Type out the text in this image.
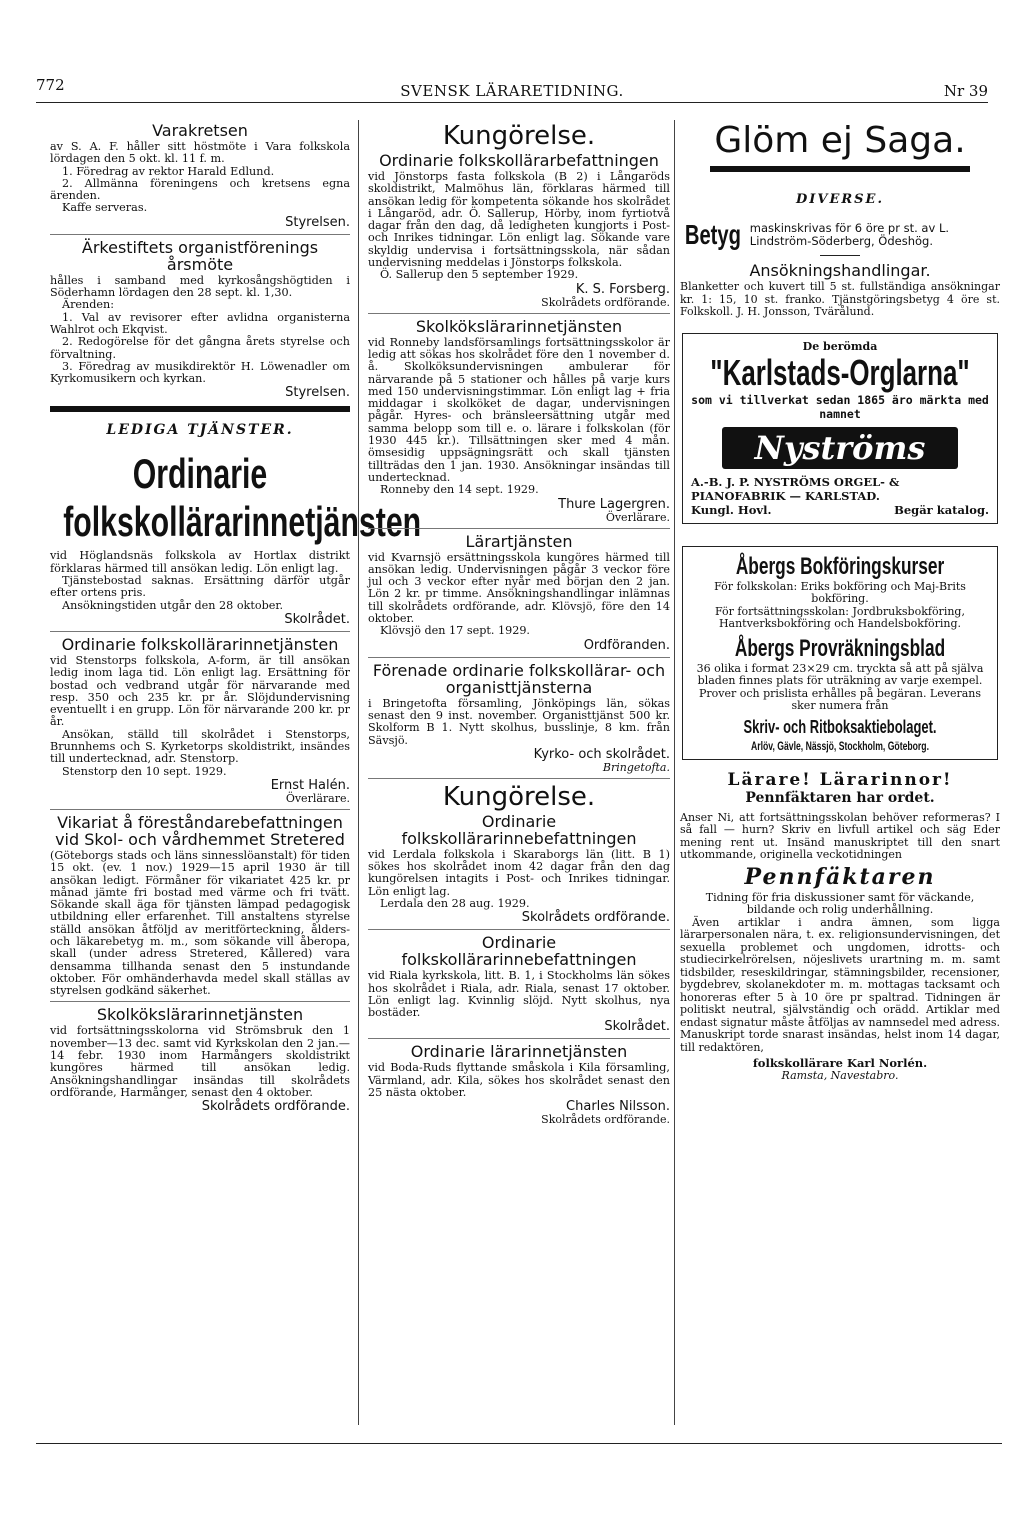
772	SVENSK LÄRARETIDNING.	Nr 39
Varakretsen

av S. A. F. håller sitt höstmöte i Vara folkskola lördagen den 5 okt. kl. 11 f. m.

1. Föredrag av rektor Harald Edlund.

2. Allmänna föreningens och kretsens egna ärenden.

Kaffe serveras.

Styrelsen.
Ärkestiftets organistförenings årsmöte

hålles i samband med kyrkosångshögtiden i Söderhamn lördagen den 28 sept. kl. 1,30.

Ärenden:

1. Val av revisorer efter avlidna organisterna Wahlrot och Ekqvist.

2. Redogörelse för det gångna årets styrelse och förvaltning.

3. Föredrag av musikdirektör H. Löwenadler om Kyrkomusikern och kyrkan.

Styrelsen.
LEDIGA TJÄNSTER.
Ordinarie folkskollärarinnetjänsten

vid Höglandsnäs folkskola av Hortlax distrikt förklaras härmed till ansökan ledig. Lön enligt lag.

Tjänstebostad saknas. Ersättning därför utgår efter ortens pris.

Ansökningstiden utgår den 28 oktober.

Skolrådet.
Ordinarie folkskollärarinnetjänsten

vid Stenstorps folkskola, A-form, är till ansökan ledig inom laga tid. Lön enligt lag. Ersättning för bostad och vedbrand utgår för närvarande med resp. 350 och 235 kr. pr år. Slöjdundervisning eventuellt i en grupp. Lön för närvarande 200 kr. pr år.

Ansökan, ställd till skolrådet i Stenstorps, Brunnhems och S. Kyrketorps skoldistrikt, insändes till undertecknad, adr. Stenstorp.

Stenstorp den 10 sept. 1929.

Ernst Halén.
Överlärare.
Vikariat å föreståndarebefattningen vid Skol- och vårdhemmet Stretered

(Göteborgs stads och läns sinnesslöanstalt) för tiden 15 okt. (ev. 1 nov.) 1929—15 april 1930 är till ansökan ledigt. Förmåner för vikariatet 425 kr. pr månad jämte fri bostad med värme och fri tvätt. Sökande skall äga för tjänsten lämpad pedagogisk utbildning eller erfarenhet. Till anstaltens styrelse ställd ansökan åtföljd av meritförteckning, ålders- och läkarebetyg m. m., som sökande vill åberopa, skall (under adress Stretered, Kållered) vara densamma tillhanda senast den 5 instundande oktober. För omhänderhavda medel skall ställas av styrelsen godkänd säkerhet.

Skolkökslärarinnetjänsten

vid fortsättningsskolorna vid Strömsbruk den 1 november—13 dec. samt vid Kyrkskolan den 2 jan.—14 febr. 1930 inom Harmångers skoldistrikt kungöres härmed till ansökan ledig. Ansökningshandlingar insändas till skolrådets ordförande, Harmånger, senast den 4 oktober.

Skolrådets ordförande.
Kungörelse.
Ordinarie folkskollärarbefattningen

vid Jönstorps fasta folkskola (B 2) i Långaröds skoldistrikt, Malmöhus län, förklaras härmed till ansökan ledig för kompetenta sökande hos skolrådet i Långaröd, adr. Ö. Sallerup, Hörby, inom fyrtiotvå dagar från den dag, då ledigheten kungjorts i Post- och Inrikes tidningar. Lön enligt lag. Sökande vare skyldig undervisa i fortsättningsskola, när sådan undervisning meddelas i Jönstorps folkskola.

Ö. Sallerup den 5 september 1929.

K. S. Forsberg.
Skolrådets ordförande.
Skolkökslärarinnetjänsten

vid Ronneby landsförsamlings fortsättningsskolor är ledig att sökas hos skolrådet före den 1 november d. å. Skolköksundervisningen ambulerar för närvarande på 5 stationer och hålles på varje kurs med 150 undervisningstimmar. Lön enligt lag + fria middagar i skolköket de dagar, undervisningen pågår. Hyres- och bränsleersättning utgår med samma belopp som till e. o. lärare i folkskolan (för 1930 445 kr.). Tillsättningen sker med 4 mån. ömsesidig uppsägningsrätt och skall tjänsten tillträdas den 1 jan. 1930. Ansökningar insändas till undertecknad.

Ronneby den 14 sept. 1929.

Thure Lagergren.
Överlärare.
Lärartjänsten

vid Kvarnsjö ersättningsskola kungöres härmed till ansökan ledig. Undervisningen pågår 3 veckor före jul och 3 veckor efter nyår med början den 2 jan. Lön 2 kr. pr timme. Ansökningshandlingar inlämnas till skolrådets ordförande, adr. Klövsjö, före den 14 oktober.

Klövsjö den 17 sept. 1929.

Ordföranden.
Förenade ordinarie folkskollärar- och organisttjänsterna

i Bringetofta församling, Jönköpings län, sökas senast den 9 inst. november. Organisttjänst 500 kr. Skolform B 1. Nytt skolhus, busslinje, 8 km. från Sävsjö.

Kyrko- och skolrådet.
Bringetofta.
Kungörelse.
Ordinarie folkskollärarinnebefattningen

vid Lerdala folkskola i Skaraborgs län (litt. B 1) sökes hos skolrådet inom 42 dagar från den dag kungörelsen intagits i Post- och Inrikes tidningar. Lön enligt lag.

Lerdala den 28 aug. 1929.

Skolrådets ordförande.
Ordinarie folkskollärarinnebefattningen

vid Riala kyrkskola, litt. B. 1, i Stockholms län sökes hos skolrådet i Riala, adr. Riala, senast 17 oktober. Lön enligt lag. Kvinnlig slöjd. Nytt skolhus, nya bostäder.

Skolrådet.
Ordinarie lärarinnetjänsten

vid Boda-Ruds flyttande småskola i Kila församling, Värmland, adr. Kila, sökes hos skolrådet senast den 25 nästa oktober.

Charles Nilsson.
Skolrådets ordförande.
Glöm ej Saga.
DIVERSE.
Betyg maskinskrivas för 6 öre pr st. av L. Lindström-Söderberg, Ödeshög.
Ansökningshandlingar.

Blanketter och kuvert till 5 st. fullständiga ansökningar kr. 1: 15, 10 st. franko. Tjänstgöringsbetyg 4 öre st. Folkskoll. J. H. Jonsson, Tvärålund.

De berömda
"Karlstads-Orglarna"
som vi tillverkat sedan 1865 äro märkta med namnet
Nyströms
A.-B. J. P. NYSTRÖMS ORGEL- & PIANOFABRIK — KARLSTAD.
Kungl. Hovl.	Begär katalog.
Åbergs Bokföringskurser

För folkskolan: Eriks bokföring och Maj-Brits bokföring.

För fortsättningsskolan: Jordbruksbokföring, Hantverksbokföring och Handelsbokföring.

Åbergs Provräkningsblad

36 olika i format 23×29 cm. tryckta så att på själva bladen finnes plats för uträkning av varje exempel.

Prover och prislista erhålles på begäran. Leverans sker numera från

Skriv- och Ritboksaktiebolaget.
Arlöv, Gävle, Nässjö, Stockholm, Göteborg.
Lärare! Lärarinnor!
Pennfäktaren har ordet.

Anser Ni, att fortsättningsskolan behöver reformeras? I så fall — hurn? Skriv en livfull artikel och säg Eder mening rent ut. Insänd manuskriptet till den snart utkommande, originella veckotidningen

Pennfäktaren

Tidning för fria diskussioner samt för väckande, bildande och rolig underhållning.

Även artiklar i andra ämnen, som ligga lärarpersonalen nära, t. ex. religionsundervisningen, det sexuella problemet och ungdomen, idrotts- och studiecirkelrörelsen, nöjeslivets urartning m. m. samt tidsbilder, reseskildringar, stämningsbilder, recensioner, bygdebrev, skolanekdoter m. m. mottagas tacksamt och honoreras efter 5 à 10 öre pr spaltrad. Tidningen är politiskt neutral, självständig och orädd. Artiklar med endast signatur måste åtföljas av namnsedel med adress. Manuskript torde snarast insändas, helst inom 14 dagar, till redaktören,

folkskollärare Karl Norlén.
Ramsta, Navestabro.
